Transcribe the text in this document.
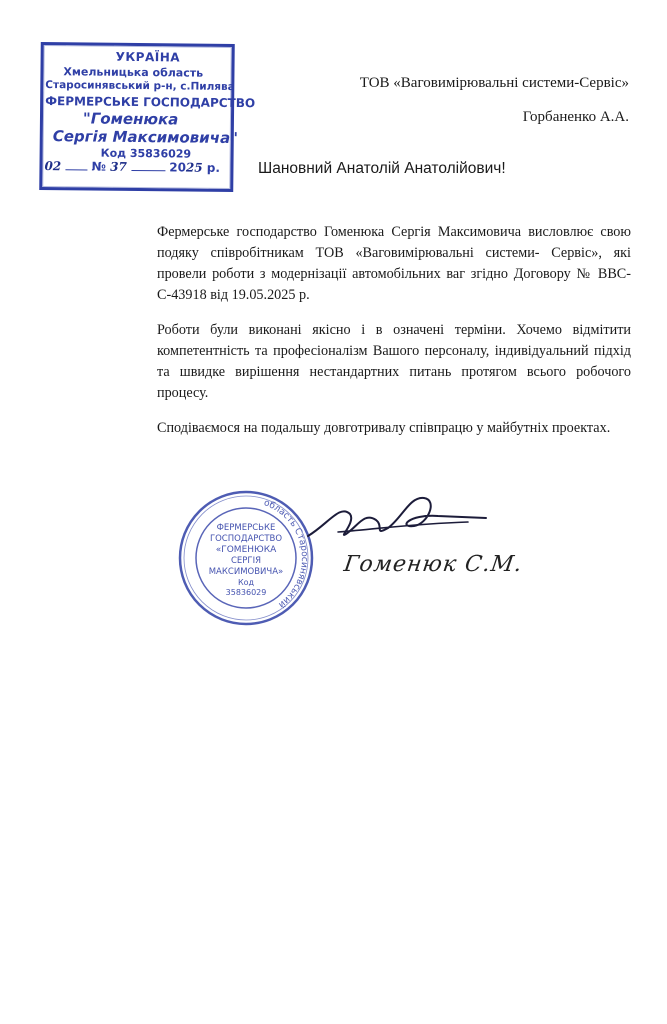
УКРАЇНА
Хмельницька область
Старосинявський р-н, с.Пилява
ФЕРМЕРСЬКЕ ГОСПОДАРСТВО
"Гоменюка
Сергія Максимовича"
Код 35836029
02	№ 37	2025 р.
ТОВ «Ваговимірювальні системи-Сервіс»
Горбаненко А.А.
Шановний Анатолій Анатолійович!

Фермерське господарство Гоменюка Сергія Максимовича висловлює свою подяку співробітникам ТОВ «Ваговимірювальні системи- Сервіс», які провели роботи з модернізації автомобільних ваг згідно Договору № ВВС-С-43918 від 19.05.2025 р.

Роботи були виконані якісно і в означені терміни. Хочемо відмітити компетентність та професіоналізм Вашого персоналу, індивідуальний підхід та швидке вирішення нестандартних питань протягом всього робочого процесу.

Сподіваємося на подальшу довготривалу співпрацю у майбутніх проектах.

область Старосинявський
ФЕРМЕРСЬКЕ
ГОСПОДАРСТВО
«ГОМЕНЮКА
СЕРГІЯ
МАКСИМОВИЧА»
Код
35836029
ФЕРМЕРСЬКЕ ГОСПОДАРСТВО «ГОМЕНЮКА СЕРГІЯ МАКСИМОВИЧА» Код 35836029
Гоменюк С.М.
